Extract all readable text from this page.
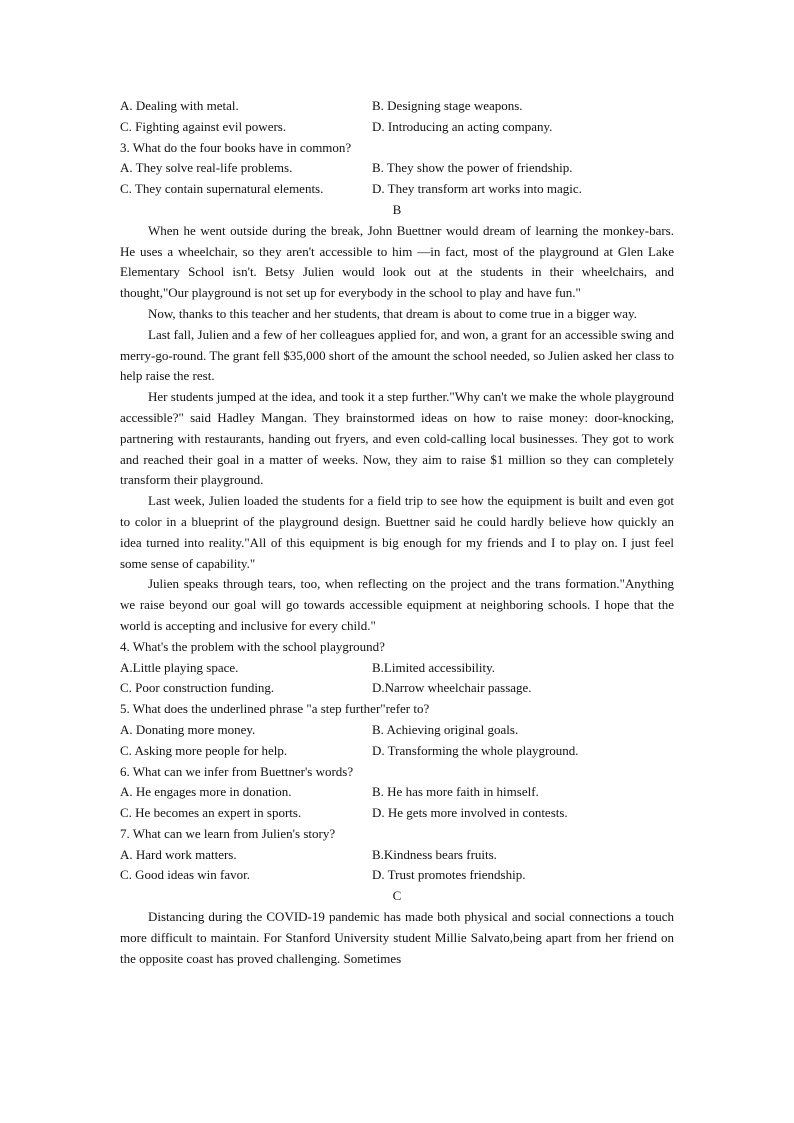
A. Dealing with metal.	B. Designing stage weapons.
C. Fighting against evil powers.	D. Introducing an acting company.
3. What do the four books have in common?
A. They solve real-life problems.	B. They show the power of friendship.
C. They contain supernatural elements.	D. They transform art works into magic.
B

When he went outside during the break, John Buettner would dream of learning the monkey-bars. He uses a wheelchair, so they aren't accessible to him —in fact, most of the playground at Glen Lake Elementary School isn't. Betsy Julien would look out at the students in their wheelchairs, and thought,"Our playground is not set up for everybody in the school to play and have fun."

Now, thanks to this teacher and her students, that dream is about to come true in a bigger way.

Last fall, Julien and a few of her colleagues applied for, and won, a grant for an accessible swing and merry-go-round. The grant fell $35,000 short of the amount the school needed, so Julien asked her class to help raise the rest.

Her students jumped at the idea, and took it a step further."Why can't we make the whole playground accessible?" said Hadley Mangan. They brainstormed ideas on how to raise money: door-knocking, partnering with restaurants, handing out fryers, and even cold-calling local businesses. They got to work and reached their goal in a matter of weeks. Now, they aim to raise $1 million so they can completely transform their playground.

Last week, Julien loaded the students for a field trip to see how the equipment is built and even got to color in a blueprint of the playground design. Buettner said he could hardly believe how quickly an idea turned into reality."All of this equipment is big enough for my friends and I to play on. I just feel some sense of capability."

Julien speaks through tears, too, when reflecting on the project and the trans formation."Anything we raise beyond our goal will go towards accessible equipment at neighboring schools. I hope that the world is accepting and inclusive for every child."

4. What's the problem with the school playground?
A.Little playing space.	B.Limited accessibility.
C. Poor construction funding.	D.Narrow wheelchair passage.
5. What does the underlined phrase "a step further"refer to?
A. Donating more money.	B. Achieving original goals.
C. Asking more people for help.	D. Transforming the whole playground.
6. What can we infer from Buettner's words?
A. He engages more in donation.	B. He has more faith in himself.
C. He becomes an expert in sports.	D. He gets more involved in contests.
7. What can we learn from Julien's story?
A. Hard work matters.	B.Kindness bears fruits.
C. Good ideas win favor.	D. Trust promotes friendship.
C

Distancing during the COVID-19 pandemic has made both physical and social connections a touch more difficult to maintain. For Stanford University student Millie Salvato,being apart from her friend on the opposite coast has proved challenging. Sometimes
